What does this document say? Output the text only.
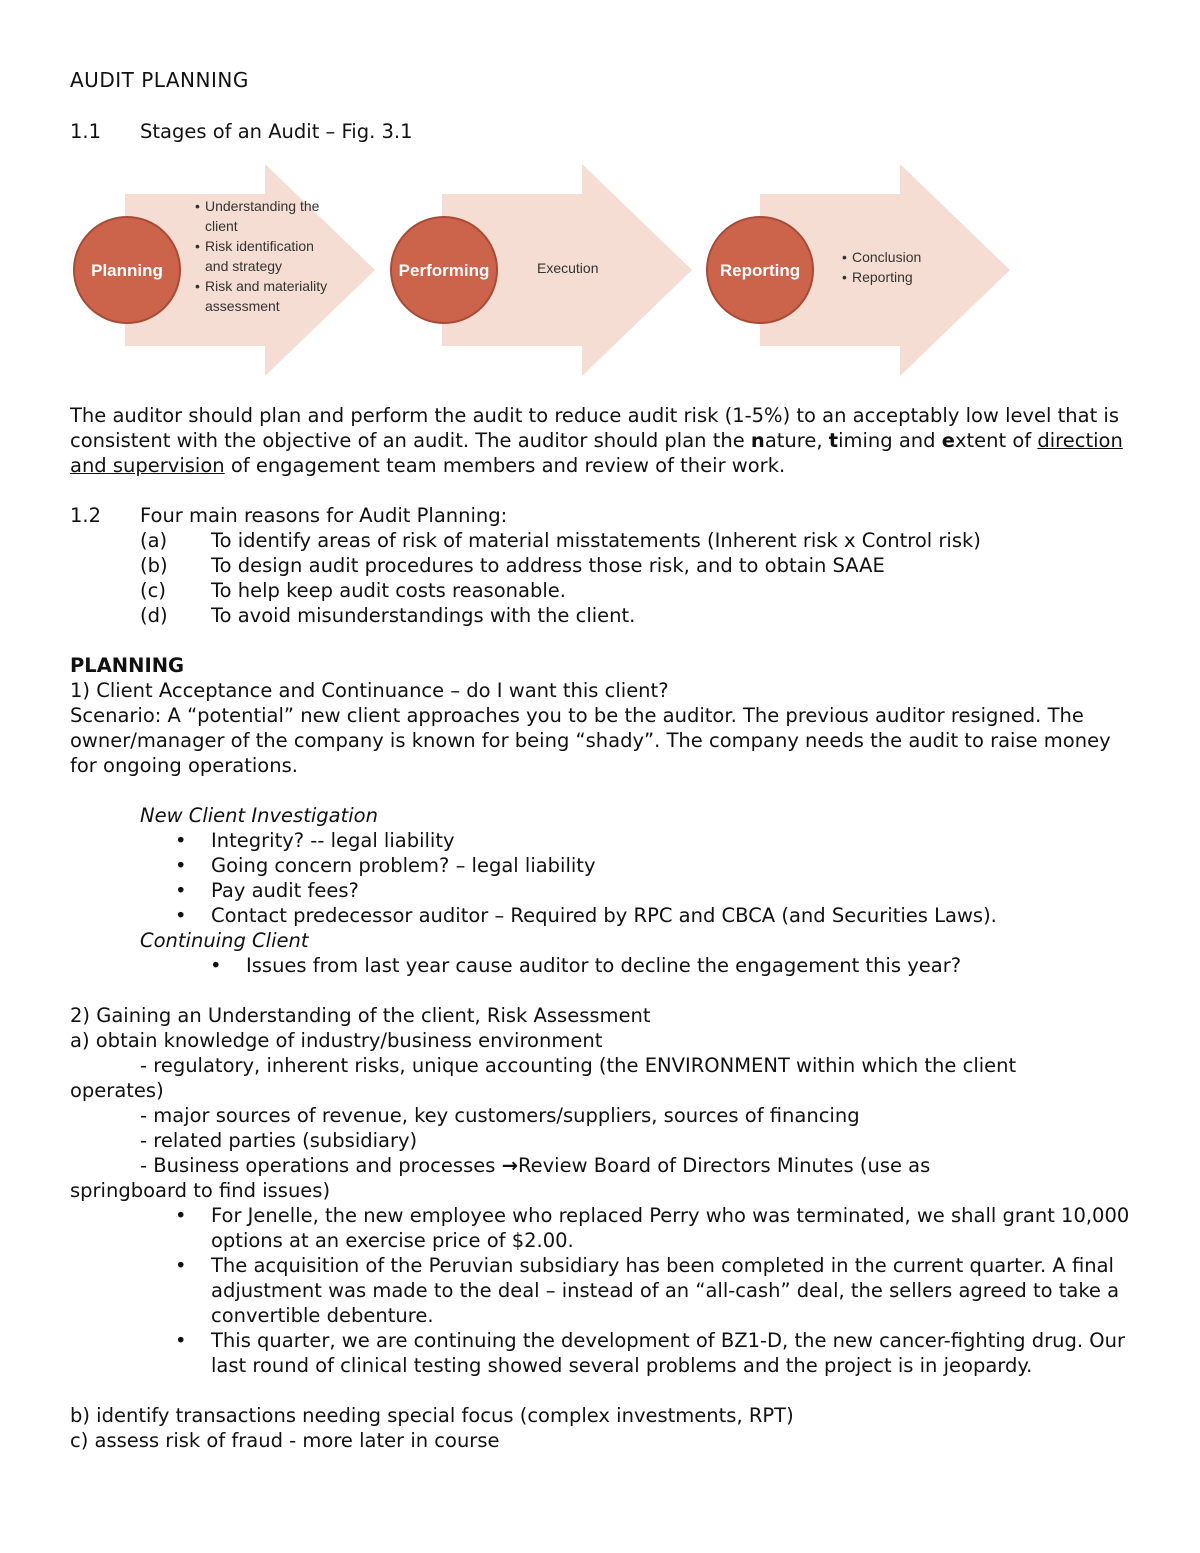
AUDIT PLANNING
1.1	Stages of an Audit – Fig. 3.1
Planning	Performing	Reporting
• Understanding the client
• Risk identification and strategy
• Risk and materiality assessment
Execution
• Conclusion
• Reporting

The auditor should plan and perform the audit to reduce audit risk (1-5%) to an acceptably low level that is consistent with the objective of an audit. The auditor should plan the nature, timing and extent of direction and supervision of engagement team members and review of their work.

1.2	Four main reasons for Audit Planning:
(a)	To identify areas of risk of material misstatements (Inherent risk x Control risk)
(b)	To design audit procedures to address those risk, and to obtain SAAE
(c)	To help keep audit costs reasonable.
(d)	To avoid misunderstandings with the client.
PLANNING

1) Client Acceptance and Continuance – do I want this client?

Scenario: A “potential” new client approaches you to be the auditor. The previous auditor resigned. The owner/manager of the company is known for being “shady”. The company needs the audit to raise money for ongoing operations.

New Client Investigation
•	Integrity? -- legal liability
•	Going concern problem? – legal liability
•	Pay audit fees?
•	Contact predecessor auditor – Required by RPC and CBCA (and Securities Laws).
Continuing Client
•	Issues from last year cause auditor to decline the engagement this year?

2) Gaining an Understanding of the client, Risk Assessment

a) obtain knowledge of industry/business environment

- regulatory, inherent risks, unique accounting (the ENVIRONMENT within which the client
operates)
- major sources of revenue, key customers/suppliers, sources of financing
- related parties (subsidiary)
- Business operations and processes →Review Board of Directors Minutes (use as
springboard to find issues)
•	For Jenelle, the new employee who replaced Perry who was terminated, we shall grant 10,000 options at an exercise price of $2.00.
•	The acquisition of the Peruvian subsidiary has been completed in the current quarter. A final adjustment was made to the deal – instead of an “all-cash” deal, the sellers agreed to take a convertible debenture.
•	This quarter, we are continuing the development of BZ1-D, the new cancer-fighting drug. Our last round of clinical testing showed several problems and the project is in jeopardy.

b) identify transactions needing special focus (complex investments, RPT)

c) assess risk of fraud - more later in course
